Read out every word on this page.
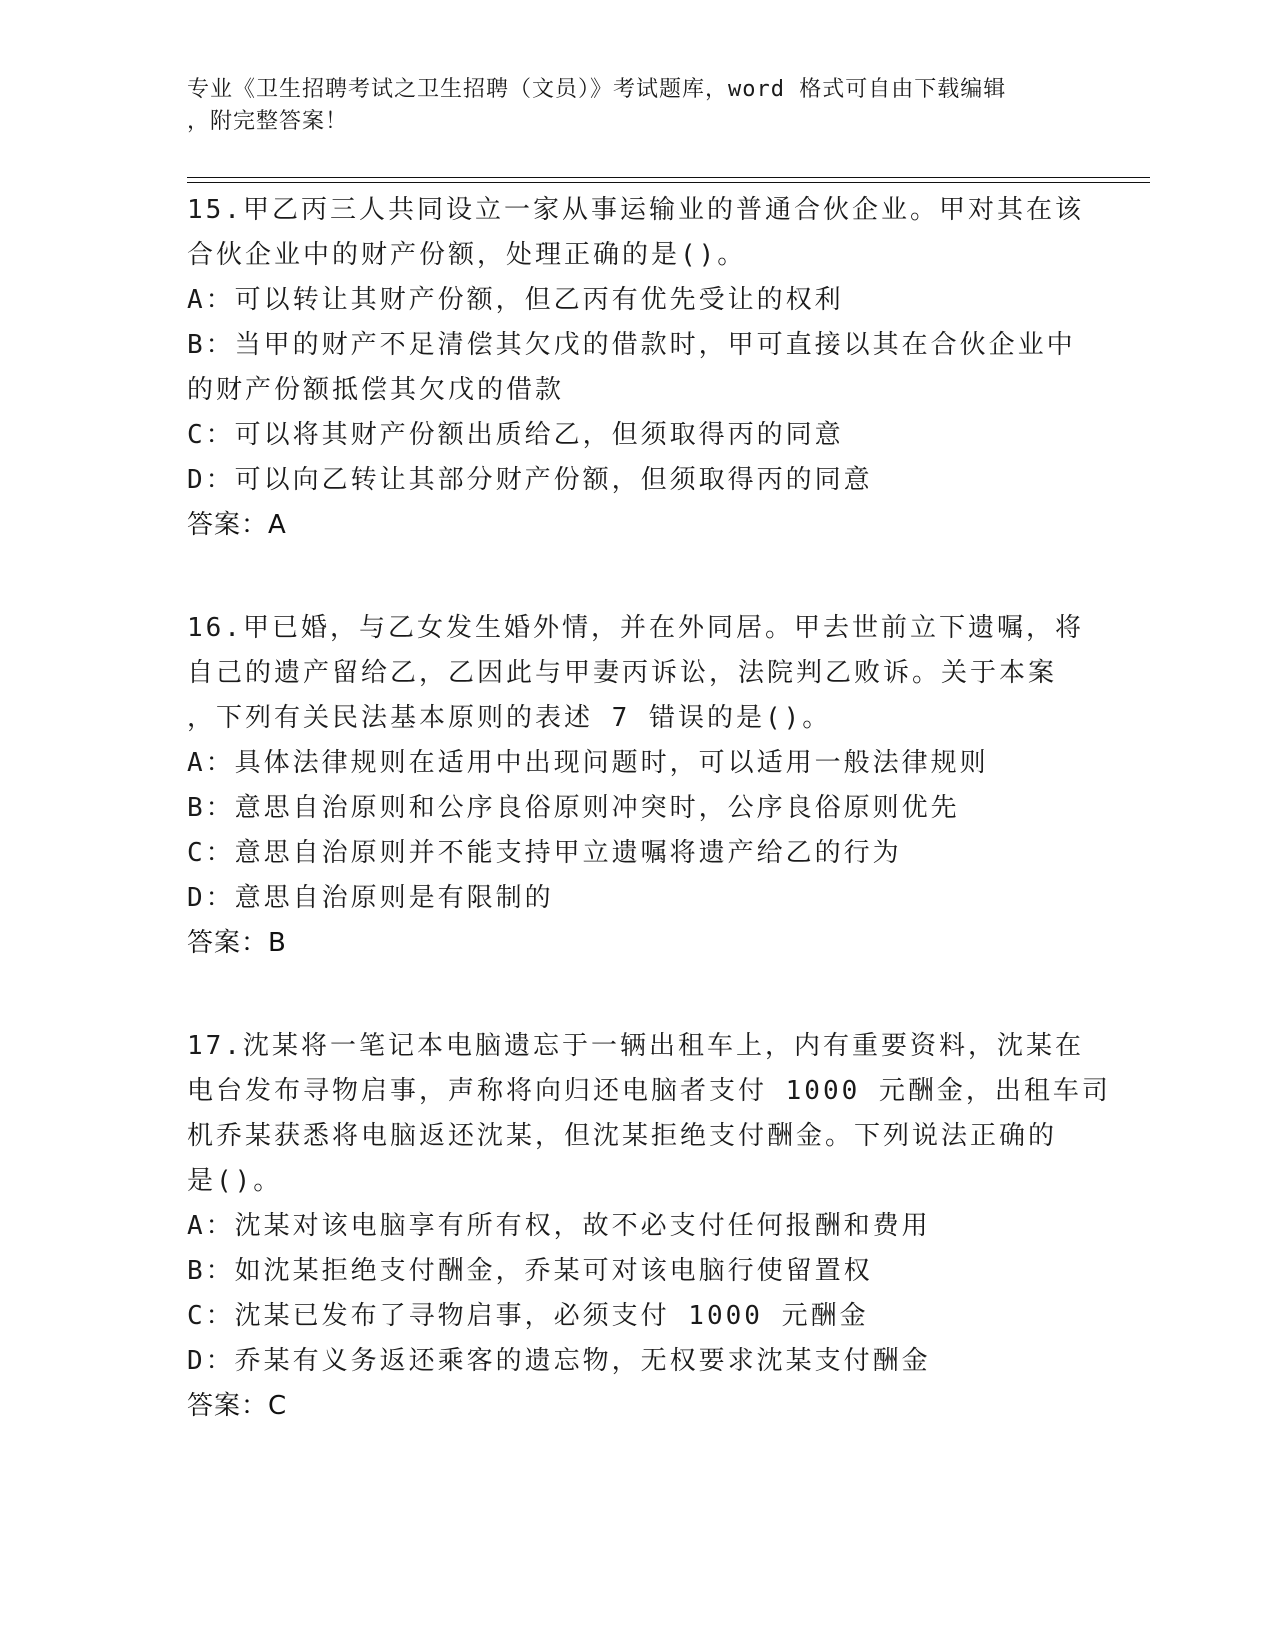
专业《卫生招聘考试之卫生招聘（文员）》考试题库，word 格式可自由下载编辑
，附完整答案！
15.甲乙丙三人共同设立一家从事运输业的普通合伙企业。甲对其在该
合伙企业中的财产份额，处理正确的是()。
A：可以转让其财产份额，但乙丙有优先受让的权利
B：当甲的财产不足清偿其欠戊的借款时，甲可直接以其在合伙企业中
的财产份额抵偿其欠戊的借款
C：可以将其财产份额出质给乙，但须取得丙的同意
D：可以向乙转让其部分财产份额，但须取得丙的同意
答案：A
16.甲已婚，与乙女发生婚外情，并在外同居。甲去世前立下遗嘱，将
自己的遗产留给乙，乙因此与甲妻丙诉讼，法院判乙败诉。关于本案
，下列有关民法基本原则的表述 7 错误的是()。
A：具体法律规则在适用中出现问题时，可以适用一般法律规则
B：意思自治原则和公序良俗原则冲突时，公序良俗原则优先
C：意思自治原则并不能支持甲立遗嘱将遗产给乙的行为
D：意思自治原则是有限制的
答案：B
17.沈某将一笔记本电脑遗忘于一辆出租车上，内有重要资料，沈某在
电台发布寻物启事，声称将向归还电脑者支付 1000 元酬金，出租车司
机乔某获悉将电脑返还沈某，但沈某拒绝支付酬金。下列说法正确的
是()。
A：沈某对该电脑享有所有权，故不必支付任何报酬和费用
B：如沈某拒绝支付酬金，乔某可对该电脑行使留置权
C：沈某已发布了寻物启事，必须支付 1000 元酬金
D：乔某有义务返还乘客的遗忘物，无权要求沈某支付酬金
答案：C
